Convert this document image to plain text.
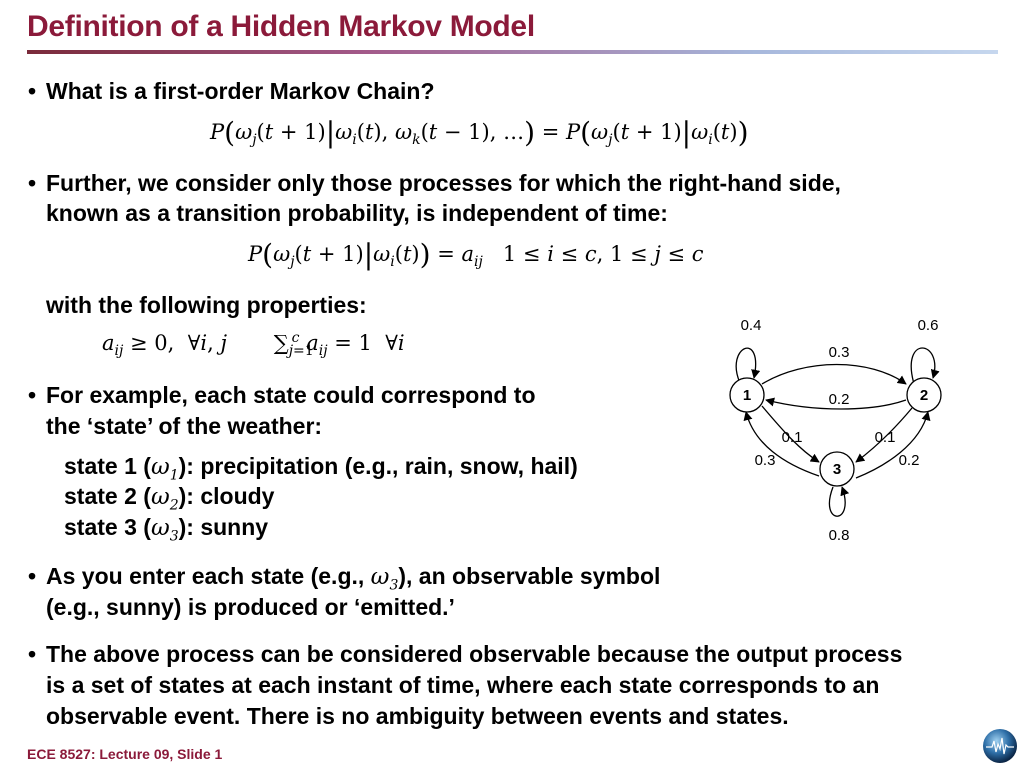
Definition of a Hidden Markov Model
• What is a first-order Markov Chain?
$P(\omega_j(t + 1)|\omega_i(t)$, $\omega_k(t - 1)$, …) = $P(\omega_j(t + 1)|\omega_i(t))$
• Further, we consider only those processes for which the right-hand side,
known as a transition probability, is independent of time:
$P(\omega_j(t + 1)|\omega_i(t)) = a_{ij}$   1 ≤ i ≤ c, 1 ≤ j ≤ c
with the following properties:
$a_{ij} \ge 0$,  ∀i, j       $\sum_{j=1}^c$ $a_{ij} = 1$  ∀i
• For example, each state could correspond to
the ‘state’ of the weather:
state 1 $(\omega_1)$: precipitation (e.g., rain, snow, hail)
state 2 $(\omega_2)$: cloudy
state 3 $(\omega_3)$: sunny
• As you enter each state (e.g., $\omega_3$), an observable symbol
(e.g., sunny) is produced or ‘emitted.’
• The above process can be considered observable because the output process
is a set of states at each instant of time, where each state corresponds to an
observable event. There is no ambiguity between events and states.
1	2
3
0.4	0.6
0.8
0.3
0.2
0.1
0.3
0.1
0.2
ECE 8527: Lecture 09, Slide 1
